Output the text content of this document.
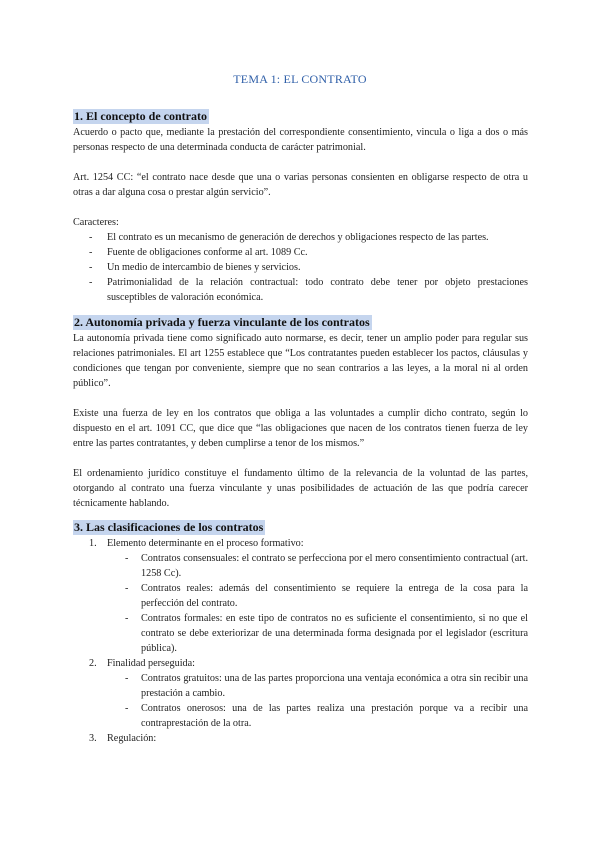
TEMA 1: EL CONTRATO
1. El concepto de contrato

Acuerdo o pacto que, mediante la prestación del correspondiente consentimiento, vincula o liga a dos o más personas respecto de una determinada conducta de carácter patrimonial.

Art. 1254 CC: “el contrato nace desde que una o varias personas consienten en obligarse respecto de otra u otras a dar alguna cosa o prestar algún servicio”.

Caracteres:

- El contrato es un mecanismo de generación de derechos y obligaciones respecto de las partes.
- Fuente de obligaciones conforme al art. 1089 Cc.
- Un medio de intercambio de bienes y servicios.
- Patrimonialidad de la relación contractual: todo contrato debe tener por objeto prestaciones susceptibles de valoración económica.
2. Autonomía privada y fuerza vinculante de los contratos

La autonomía privada tiene como significado auto normarse, es decir, tener un amplio poder para regular sus relaciones patrimoniales. El art 1255 establece que “Los contratantes pueden establecer los pactos, cláusulas y condiciones que tengan por conveniente, siempre que no sean contrarios a las leyes, a la moral ni al orden público”.

Existe una fuerza de ley en los contratos que obliga a las voluntades a cumplir dicho contrato, según lo dispuesto en el art. 1091 CC, que dice que “las obligaciones que nacen de los contratos tienen fuerza de ley entre las partes contratantes, y deben cumplirse a tenor de los mismos.”

El ordenamiento jurídico constituye el fundamento último de la relevancia de la voluntad de las partes, otorgando al contrato una fuerza vinculante y unas posibilidades de actuación de las que podría carecer técnicamente hablando.

3. Las clasificaciones de los contratos
1. Elemento determinante en el proceso formativo:
- Contratos consensuales: el contrato se perfecciona por el mero consentimiento contractual (art. 1258 Cc).
- Contratos reales: además del consentimiento se requiere la entrega de la cosa para la perfección del contrato.
- Contratos formales: en este tipo de contratos no es suficiente el consentimiento, si no que el contrato se debe exteriorizar de una determinada forma designada por el legislador (escritura pública).
2. Finalidad perseguida:
- Contratos gratuitos: una de las partes proporciona una ventaja económica a otra sin recibir una prestación a cambio.
- Contratos onerosos: una de las partes realiza una prestación porque va a recibir una contraprestación de la otra.
3. Regulación:
